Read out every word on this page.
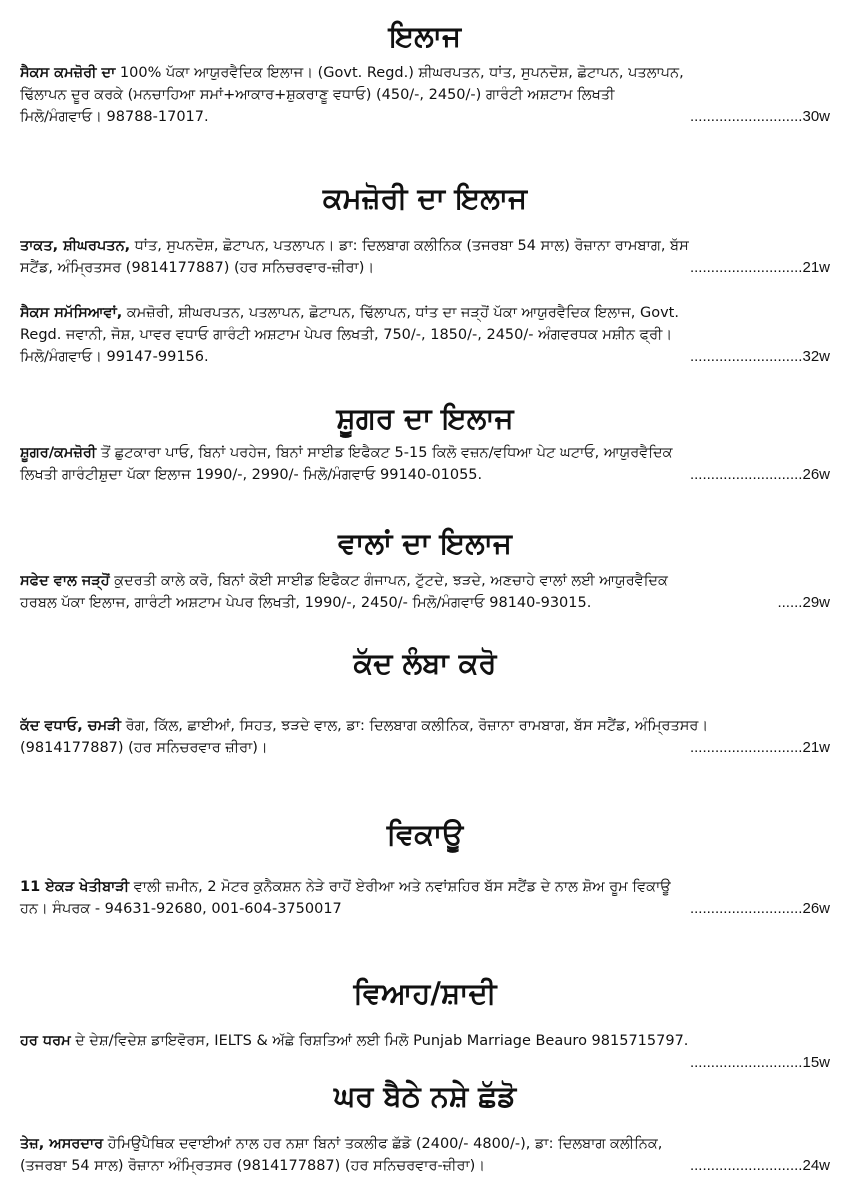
ਇਲਾਜ
ਸੈਕਸ ਕਮਜ਼ੋਰੀ ਦਾ 100% ਪੱਕਾ ਆਯੁਰਵੈਦਿਕ ਇਲਾਜ। (Govt. Regd.) ਸ਼ੀਘਰਪਤਨ, ਧਾਂਤ, ਸੁਪਨਦੋਸ਼, ਛੋਟਾਪਨ, ਪਤਲਾਪਨ,
ਢਿੱਲਾਪਨ ਦੂਰ ਕਰਕੇ (ਮਨਚਾਹਿਆ ਸਮਾਂ+ਆਕਾਰ+ਸ਼ੁਕਰਾਣੂ ਵਧਾਓ) (450/-, 2450/-) ਗਾਰੰਟੀ ਅਸ਼ਟਾਮ ਲਿਖਤੀ
ਮਿਲੋ/ਮੰਗਵਾਓ। 98788-17017.	...........................30w
ਕਮਜ਼ੋਰੀ ਦਾ ਇਲਾਜ
ਤਾਕਤ, ਸ਼ੀਘਰਪਤਨ, ਧਾਂਤ, ਸੁਪਨਦੋਸ਼, ਛੋਟਾਪਨ, ਪਤਲਾਪਨ। ਡਾ: ਦਿਲਬਾਗ ਕਲੀਨਿਕ (ਤਜਰਬਾ 54 ਸਾਲ) ਰੋਜ਼ਾਨਾ ਰਾਮਬਾਗ, ਬੱਸ
ਸਟੈਂਡ, ਅੰਮ੍ਰਿਤਸਰ (9814177887) (ਹਰ ਸਨਿਚਰਵਾਰ-ਜ਼ੀਰਾ)।	...........................21w
ਸੈਕਸ ਸਮੱਸਿਆਵਾਂ, ਕਮਜ਼ੋਰੀ, ਸ਼ੀਘਰਪਤਨ, ਪਤਲਾਪਨ, ਛੋਟਾਪਨ, ਢਿੱਲਾਪਨ, ਧਾਂਤ ਦਾ ਜੜ੍ਹੋਂ ਪੱਕਾ ਆਯੁਰਵੈਦਿਕ ਇਲਾਜ, Govt.
Regd. ਜਵਾਨੀ, ਜੋਸ਼, ਪਾਵਰ ਵਧਾਓ ਗਾਰੰਟੀ ਅਸ਼ਟਾਮ ਪੇਪਰ ਲਿਖਤੀ, 750/-, 1850/-, 2450/- ਅੰਗਵਰਧਕ ਮਸ਼ੀਨ ਫ੍ਰੀ।
ਮਿਲੋ/ਮੰਗਵਾਓ। 99147-99156.	...........................32w
ਸ਼ੂਗਰ ਦਾ ਇਲਾਜ
ਸ਼ੂਗਰ/ਕਮਜ਼ੋਰੀ ਤੋਂ ਛੁਟਕਾਰਾ ਪਾਓ, ਬਿਨਾਂ ਪਰਹੇਜ, ਬਿਨਾਂ ਸਾਈਡ ਇਫੈਕਟ 5-15 ਕਿਲੋ ਵਜ਼ਨ/ਵਧਿਆ ਪੇਟ ਘਟਾਓ, ਆਯੁਰਵੈਦਿਕ
ਲਿਖਤੀ ਗਾਰੰਟੀਸ਼ੁਦਾ ਪੱਕਾ ਇਲਾਜ 1990/-, 2990/- ਮਿਲੋ/ਮੰਗਵਾਓ 99140-01055.	...........................26w
ਵਾਲਾਂ ਦਾ ਇਲਾਜ
ਸਫੇਦ ਵਾਲ ਜੜ੍ਹੋਂ ਕੁਦਰਤੀ ਕਾਲੇ ਕਰੋ, ਬਿਨਾਂ ਕੋਈ ਸਾਈਡ ਇਫੈਕਟ ਗੰਜਾਪਨ, ਟੁੱਟਦੇ, ਝੜਦੇ, ਅਣਚਾਹੇ ਵਾਲਾਂ ਲਈ ਆਯੁਰਵੈਦਿਕ
ਹਰਬਲ ਪੱਕਾ ਇਲਾਜ, ਗਾਰੰਟੀ ਅਸ਼ਟਾਮ ਪੇਪਰ ਲਿਖਤੀ, 1990/-, 2450/- ਮਿਲੋ/ਮੰਗਵਾਓ 98140-93015.	......29w
ਕੱਦ ਲੰਬਾ ਕਰੋ
ਕੱਦ ਵਧਾਓ, ਚਮੜੀ ਰੋਗ, ਕਿੱਲ, ਛਾਈਆਂ, ਸਿਹਤ, ਝੜਦੇ ਵਾਲ, ਡਾ: ਦਿਲਬਾਗ ਕਲੀਨਿਕ, ਰੋਜ਼ਾਨਾ ਰਾਮਬਾਗ, ਬੱਸ ਸਟੈਂਡ, ਅੰਮ੍ਰਿਤਸਰ।
(9814177887) (ਹਰ ਸਨਿਚਰਵਾਰ ਜ਼ੀਰਾ)।	...........................21w
ਵਿਕਾਊ
11 ਏਕੜ ਖੇਤੀਬਾੜੀ ਵਾਲੀ ਜ਼ਮੀਨ, 2 ਮੋਟਰ ਕੁਨੈਕਸ਼ਨ ਨੇੜੇ ਰਾਹੋਂ ਏਰੀਆ ਅਤੇ ਨਵਾਂਸ਼ਹਿਰ ਬੱਸ ਸਟੈਂਡ ਦੇ ਨਾਲ ਸ਼ੋਅ ਰੂਮ ਵਿਕਾਊ
ਹਨ। ਸੰਪਰਕ - 94631-92680, 001-604-3750017	...........................26w
ਵਿਆਹ/ਸ਼ਾਦੀ
ਹਰ ਧਰਮ ਦੇ ਦੇਸ਼/ਵਿਦੇਸ਼ ਡਾਇਵੋਰਸ, IELTS & ਅੱਛੇ ਰਿਸ਼ਤਿਆਂ ਲਈ ਮਿਲੋ Punjab Marriage Beauro 9815715797.
...........................15w
ਘਰ ਬੈਠੇ ਨਸ਼ੇ ਛੱਡੋ
ਤੇਜ਼, ਅਸਰਦਾਰ ਹੋਮਿਉਪੈਥਿਕ ਦਵਾਈਆਂ ਨਾਲ ਹਰ ਨਸ਼ਾ ਬਿਨਾਂ ਤਕਲੀਫ ਛੱਡੋ (2400/- 4800/-), ਡਾ: ਦਿਲਬਾਗ ਕਲੀਨਿਕ,
(ਤਜਰਬਾ 54 ਸਾਲ) ਰੋਜ਼ਾਨਾ ਅੰਮ੍ਰਿਤਸਰ (9814177887) (ਹਰ ਸਨਿਚਰਵਾਰ-ਜ਼ੀਰਾ)।	...........................24w
